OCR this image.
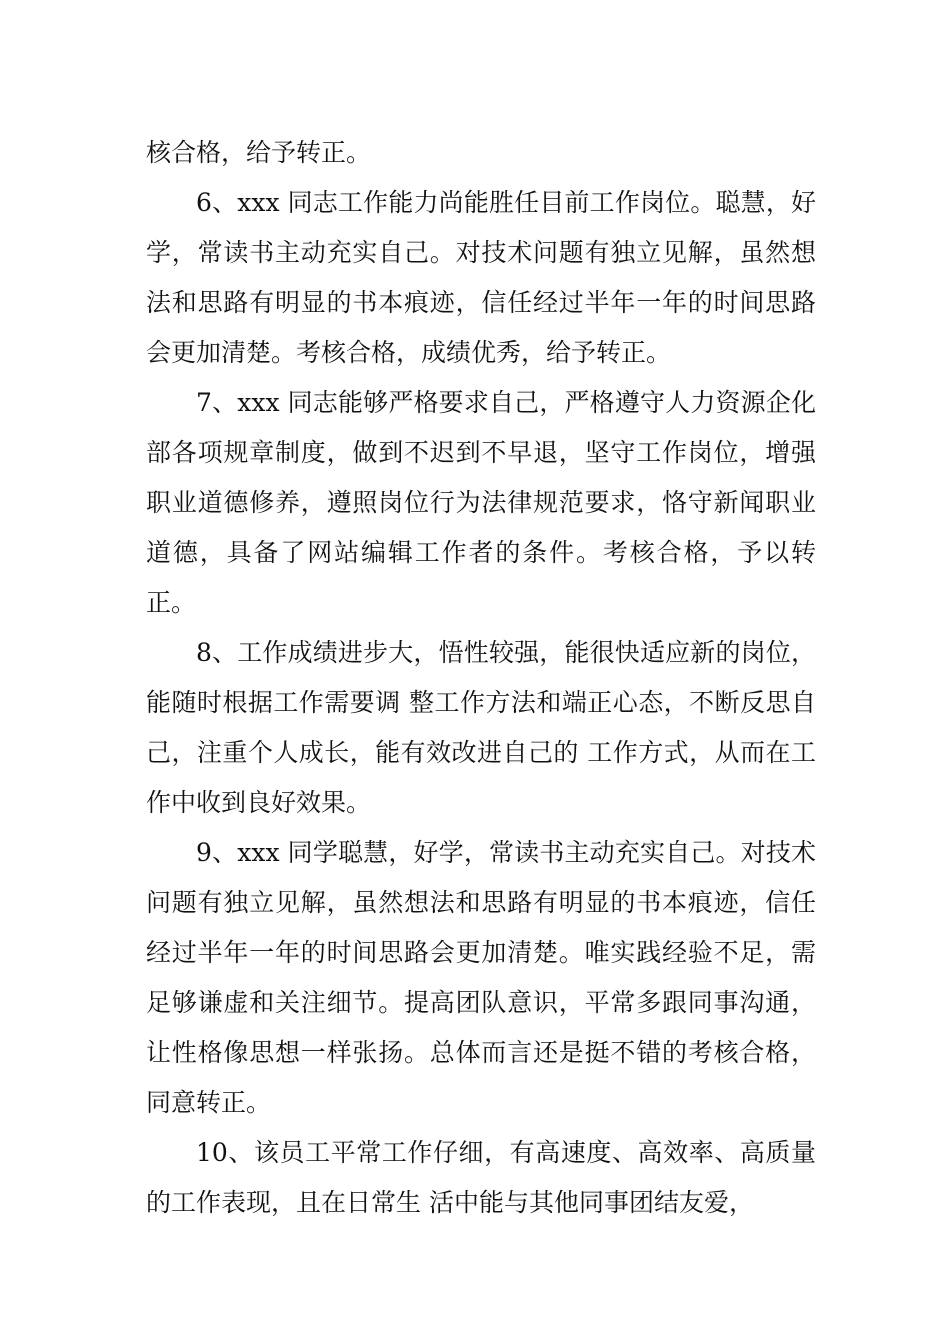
核合格，给予转正。

6、xxx 同志工作能力尚能胜任目前工作岗位。聪慧，好学，常读书主动充实自己。对技术问题有独立见解，虽然想法和思路有明显的书本痕迹，信任经过半年一年的时间思路会更加清楚。考核合格，成绩优秀，给予转正。

7、xxx 同志能够严格要求自己，严格遵守人力资源企化部各项规章制度，做到不迟到不早退，坚守工作岗位，增强职业道德修养，遵照岗位行为法律规范要求，恪守新闻职业道德，具备了网站编辑工作者的条件。考核合格，予以转正。

8、工作成绩进步大，悟性较强，能很快适应新的岗位，能随时根据工作需要调 整工作方法和端正心态，不断反思自己，注重个人成长，能有效改进自己的 工作方式，从而在工作中收到良好效果。

9、xxx 同学聪慧，好学，常读书主动充实自己。对技术问题有独立见解，虽然想法和思路有明显的书本痕迹，信任经过半年一年的时间思路会更加清楚。唯实践经验不足，需足够谦虚和关注细节。提高团队意识，平常多跟同事沟通，让性格像思想一样张扬。总体而言还是挺不错的考核合格，同意转正。

10、该员工平常工作仔细，有高速度、高效率、高质量的工作表现，且在日常生 活中能与其他同事团结友爱，
